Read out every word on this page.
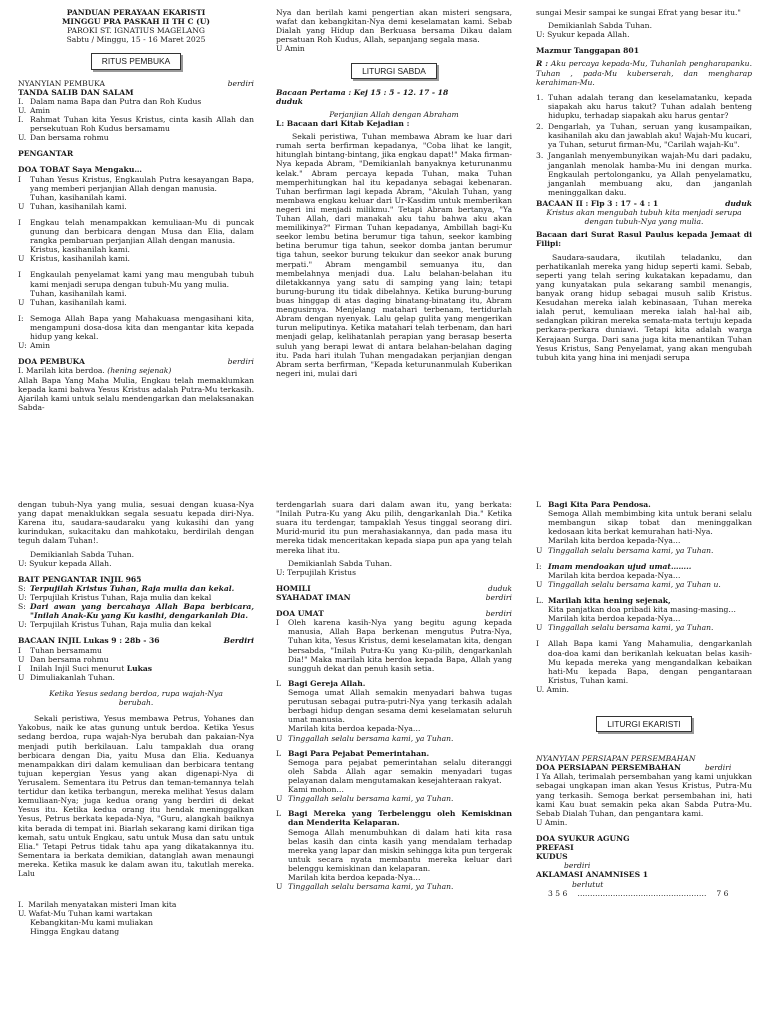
PANDUAN PERAYAAN EKARISTI
MINGGU PRA PASKAH II TH C (U)
PAROKI ST. IGNATIUS MAGELANG
Sabtu / Minggu, 15 - 16 Maret 2025
RITUS PEMBUKA
NYANYIAN PEMBUKA	berdiri
TANDA SALIB DAN SALAM
I. Dalam nama Bapa dan Putra dan Roh Kudus
U. Amin
I. Rahmat Tuhan kita Yesus Kristus, cinta kasih Allah dan persekutuan Roh Kudus bersamamu
U. Dan bersama rohmu
PENGANTAR
DOA TOBAT Saya Mengaku…
I	Tuhan Yesus Kristus, Engkaulah Putra kesayangan Bapa, yang memberi perjanjian Allah dengan manusia.
Tuhan, kasihanilah kami.
U Tuhan, kasihanilah kami.
I	Engkau telah menampakkan kemuliaan-Mu di puncak gunung dan berbicara dengan Musa dan Elia, dalam rangka pembaruan perjanjian Allah dengan manusia.
Kristus, kasihanilah kami.
U Kristus, kasihanilah kami.
I	Engkaulah penyelamat kami yang mau mengubah tubuh kami menjadi serupa dengan tubuh-Mu yang mulia.
Tuhan, kasihanilah kami.
U Tuhan, kasihanilah kami.
I: Semoga Allah Bapa yang Mahakuasa mengasihani kita, mengampuni dosa-dosa kita dan mengantar kita kepada hidup yang kekal.
U: Amin
DOA PEMBUKA	berdiri
I. Marilah kita berdoa. (hening sejenak)

Allah Bapa Yang Maha Mulia, Engkau telah memaklumkan kepada kami bahwa Yesus Kristus adalah Putra-Mu terkasih. Ajarilah kami untuk selalu mendengarkan dan melaksanakan Sabda-

Nya dan berilah kami pengertian akan misteri sengsara, wafat dan kebangkitan-Nya demi keselamatan kami. Sebab Dialah yang Hidup dan Berkuasa bersama Dikau dalam persatuan Roh Kudus, Allah, sepanjang segala masa.

U Amin
LITURGI SABDA
Bacaan Pertama : Kej 15 : 5 - 12. 17 - 18
duduk
Perjanjian Allah dengan Abraham
L: Bacaan dari Kitab Kejadian :

Sekali peristiwa, Tuhan membawa Abram ke luar dari rumah serta berfirman kepadanya, "Coba lihat ke langit, hitunglah bintang-bintang, jika engkau dapat!" Maka firman-Nya kepada Abram, "Demikianlah banyaknya keturunanmu kelak." Abram percaya kepada Tuhan, maka Tuhan memperhitungkan hal itu kepadanya sebagai kebenaran. Tuhan berfirman lagi kepada Abram, "Akulah Tuhan, yang membawa engkau keluar dari Ur-Kasdim untuk memberikan negeri ini menjadi milikmu." Tetapi Abram bertanya, "Ya Tuhan Allah, dari manakah aku tahu bahwa aku akan memilikinya?" Firman Tuhan kepadanya, Ambillah bagi-Ku seekor lembu betina berumur tiga tahun, seekor kambing betina berumur tiga tahun, seekor domba jantan berumur tiga tahun, seekor burung tekukur dan seekor anak burung merpati." Abram mengambil semuanya itu, dan membelahnya menjadi dua. Lalu belahan-belahan itu diletakkannya yang satu di samping yang lain; tetapi burung-burung itu tidak dibelahnya. Ketika burung-burung buas hinggap di atas daging binatang-binatang itu, Abram mengusirnya. Menjelang matahari terbenam, tertidurlah Abram dengan nyenyak. Lalu gelap gulita yang mengerikan turun meliputinya. Ketika matahari telah terbenam, dan hari menjadi gelap, kelihatanlah perapian yang berasap beserta suluh yang berapi lewat di antara belahan-belahan daging itu. Pada hari itulah Tuhan mengadakan perjanjian dengan Abram serta berfirman, "Kepada keturunanmulah Kuberikan negeri ini, mulai dari

sungai Mesir sampai ke sungai Efrat yang besar itu."

Demikianlah Sabda Tuhan.
U: Syukur kepada Allah.
Mazmur Tanggapan 801

R : Aku percaya kepada-Mu, Tuhanlah pengharapanku. Tuhan , pada-Mu kuberserah, dan mengharap kerahiman-Mu.

1. Tuhan adalah terang dan keselamatanku, kepada siapakah aku harus takut? Tuhan adalah benteng hidupku, terhadap siapakah aku harus gentar?
2. Dengarlah, ya Tuhan, seruan yang kusampaikan, kasihanilah aku dan jawablah aku! Wajah-Mu kucari, ya Tuhan, seturut firman-Mu, "Carilah wajah-Ku".
3. Janganlah menyembunyikan wajah-Mu dari padaku, janganlah menolak hamba-Mu ini dengan murka. Engkaulah pertolonganku, ya Allah penyelamatku, janganlah membuang aku, dan janganlah meninggalkan daku.
BACAAN II : Flp 3 : 17 - 4 : 1	duduk
Kristus akan mengubah tubuh kita menjadi serupa dengan tubuh-Nya yang mulia.

Bacaan dari Surat Rasul Paulus kepada Jemaat di Filipi:

Saudara-saudara, ikutilah teladanku, dan perhatikanlah mereka yang hidup seperti kami. Sebab, seperti yang telah sering kukatakan kepadamu, dan yang kunyatakan pula sekarang sambil menangis, banyak orang hidup sebagai musuh salib Kristus. Kesudahan mereka ialah kebinasaan, Tuhan mereka ialah perut, kemuliaan mereka ialah hal-hal aib, sedangkan pikiran mereka semata-mata tertuju kepada perkara-perkara duniawi. Tetapi kita adalah warga Kerajaan Surga. Dari sana juga kita menantikan Tuhan Yesus Kristus, Sang Penyelamat, yang akan mengubah tubuh kita yang hina ini menjadi serupa

dengan tubuh-Nya yang mulia, sesuai dengan kuasa-Nya yang dapat menaklukkan segala sesuatu kepada diri-Nya. Karena itu, saudara-saudaraku yang kukasihi dan yang kurindukan, sukacitaku dan mahkotaku, berdirilah dengan teguh dalam Tuhan!.

Demikianlah Sabda Tuhan.
U: Syukur kepada Allah.
BAIT PENGANTAR INJIL 965
S: Terpujilah Kristus Tuhan, Raja mulia dan kekal.
U: Terpujilah Kristus Tuhan, Raja mulia dan kekal
S: Dari awan yang bercahaya Allah Bapa berbicara, "Inilah Anak-Ku yang Ku kasihi, dengarkanlah Dia.
U: Terpujilah Kristus Tuhan, Raja mulia dan kekal
BACAAN INJIL Lukas 9 : 28b - 36	Berdiri
I	Tuhan bersamamu
U Dan bersama rohmu
I	Inilah Injil Suci menurut Lukas
U Dimuliakanlah Tuhan.
Ketika Yesus sedang berdoa, rupa wajah-Nya berubah.

Sekali peristiwa, Yesus membawa Petrus, Yohanes dan Yakobus, naik ke atas gunung untuk berdoa. Ketika Yesus sedang berdoa, rupa wajah-Nya berubah dan pakaian-Nya menjadi putih berkilauan. Lalu tampaklah dua orang berbicara dengan Dia, yaitu Musa dan Elia. Keduanya menampakkan diri dalam kemuliaan dan berbicara tentang tujuan kepergian Yesus yang akan digenapi-Nya di Yerusalem. Sementara itu Petrus dan teman-temannya telah tertidur dan ketika terbangun, mereka melihat Yesus dalam kemuliaan-Nya; juga kedua orang yang berdiri di dekat Yesus itu. Ketika kedua orang itu hendak meninggalkan Yesus, Petrus berkata kepada-Nya, "Guru, alangkah baiknya kita berada di tempat ini. Biarlah sekarang kami dirikan tiga kemah, satu untuk Engkau, satu untuk Musa dan satu untuk Elia." Tetapi Petrus tidak tahu apa yang dikatakannya itu. Sementara ia berkata demikian, datanglah awan menaungi mereka. Ketika masuk ke dalam awan itu, takutlah mereka. Lalu

I.  Marilah menyatakan misteri Iman kita
U. Wafat-Mu Tuhan kami wartakan
Kebangkitan-Mu kami muliakan
Hingga Engkau datang

terdengarlah suara dari dalam awan itu, yang berkata: "Inilah Putra-Ku yang Aku pilih, dengarkanlah Dia." Ketika suara itu terdengar, tampaklah Yesus tinggal seorang diri. Murid-murid itu pun merahasiakannya, dan pada masa itu mereka tidak menceritakan kepada siapa pun apa yang telah mereka lihat itu.

Demikianlah Sabda Tuhan.
U: Terpujilah Kristus
HOMILI	duduk
SYAHADAT IMAN	berdiri
DOA UMAT	berdiri
I	Oleh karena kasih-Nya yang begitu agung kepada manusia, Allah Bapa berkenan mengutus Putra-Nya, Tuhan kita, Yesus Kristus, demi keselamatan kita, dengan bersabda, "Inilah Putra-Ku yang Ku-pilih, dengarkanlah Dia!" Maka marilah kita berdoa kepada Bapa, Allah yang sungguh dekat dan penuh kasih setia.
L Bagi Gereja Allah.

Semoga umat Allah semakin menyadari bahwa tugas perutusan sebagai putra-putri-Nya yang terkasih adalah berbagi hidup dengan sesama demi keselamatan seluruh umat manusia.

Marilah kita berdoa kepada-Nya…
U Tinggallah selalu bersama kami, ya Tuhan.
L Bagi Para Pejabat Pemerintahan.

Semoga para pejabat pemerintahan selalu diteranggi oleh Sabda Allah agar semakin menyadari tugas pelayanan dalam mengutamakan kesejahteraan rakyat.

Kami mohon…
U Tinggallah selalu bersama kami, ya Tuhan.
L Bagi Mereka yang Terbelenggu oleh Kemiskinan dan Menderita Kelaparan.

Semoga Allah menumbuhkan di dalam hati kita rasa belas kasih dan cinta kasih yang mendalam terhadap mereka yang lapar dan miskin sehingga kita pun tergerak untuk secara nyata membantu mereka keluar dari belenggu kemiskinan dan kelaparan.

Marilah kita berdoa kepada-Nya…
U Tinggallah selalu bersama kami, ya Tuhan.
L Bagi Kita Para Pendosa.

Semoga Allah membimbing kita untuk berani selalu membangun sikap tobat dan meninggalkan kedosaan kita berkat kemurahan hati-Nya.

Marilah kita berdoa kepada-Nya…
U Tinggallah selalu bersama kami, ya Tuhan.
I: Imam mendoakan ujud umat……..
Marilah kita berdoa kepada-Nya…
U Tinggallah selalu bersama kami, ya Tuhan u.
L. Marilah kita hening sejenak,

Kita panjatkan doa pribadi kita masing-masing…

Marilah kita berdoa kepada-Nya…
U Tinggallah selalu bersama kami, ya Tuhan.
I	Allah Bapa kami Yang Mahamulia, dengarkanlah doa-doa kami dan berikanlah kekuatan belas kasih-Mu kepada mereka yang mengandalkan kebaikan hati-Mu kepada Bapa, dengan pengantaraan Kristus, Tuhan kami.
U. Amin.
LITURGI EKARISTI
NYANYIAN PERSIAPAN PERSEMBAHAN
DOA PERSIAPAN PERSEMBAHAN	berdiri

I Ya Allah, terimalah persembahan yang kami unjukkan sebagai ungkapan iman akan Yesus Kristus, Putra-Mu yang terkasih. Semoga berkat persembahan ini, hati kami Kau buat semakin peka akan Sabda Putra-Mu. Sebab Dialah Tuhan, dan pengantara kami.

U Amin.
DOA SYUKUR AGUNG
PREFASI
KUDUS
berdiri
AKLAMASI ANAMNISES 1
berlutut
3 5 6 …………………………………………… 7 6
